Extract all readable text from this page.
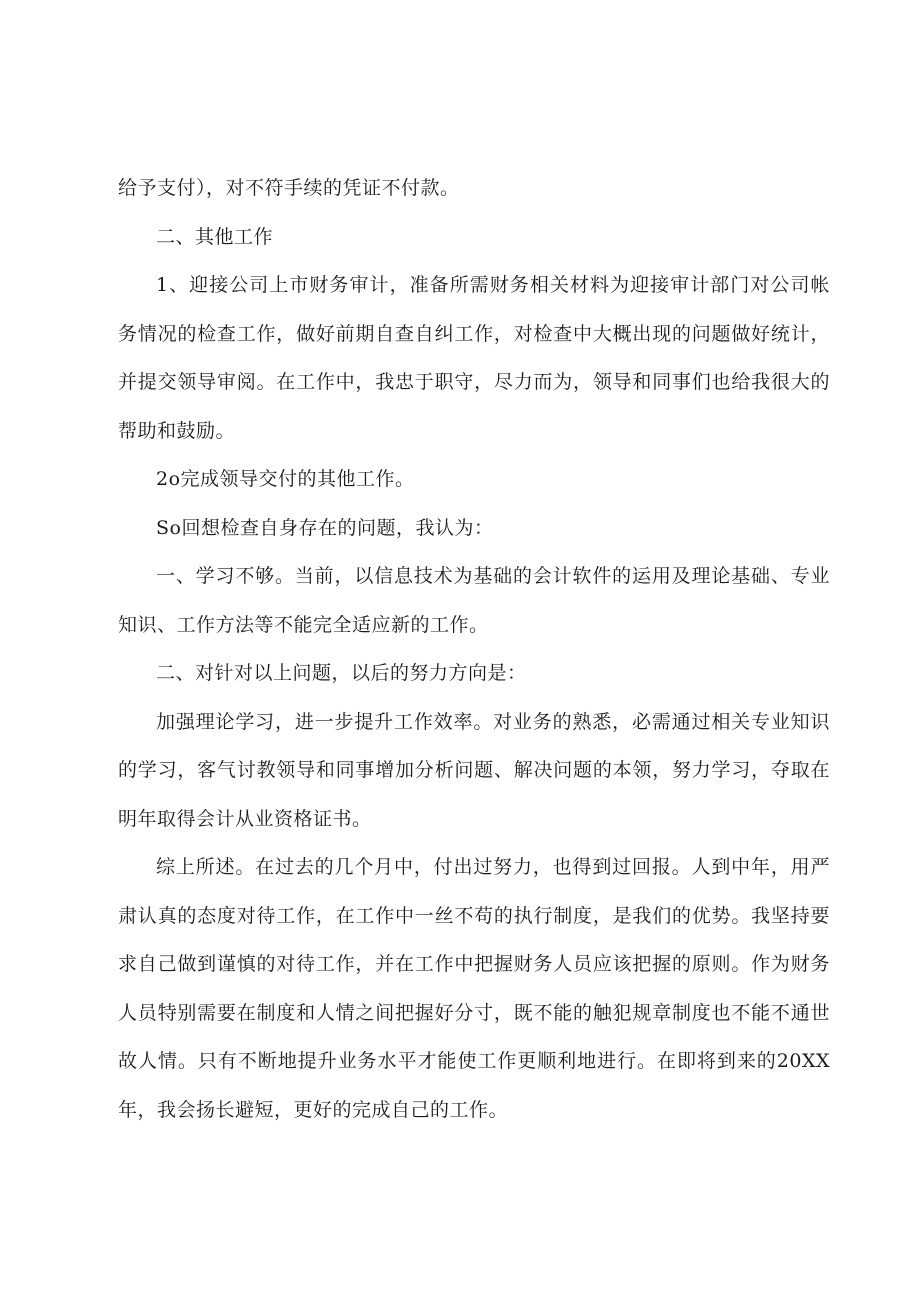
给予支付），对不符手续的凭证不付款。

二、其他工作

1、迎接公司上市财务审计，准备所需财务相关材料为迎接审计部门对公司帐务情况的检查工作，做好前期自查自纠工作，对检查中大概出现的问题做好统计，并提交领导审阅。在工作中，我忠于职守，尽力而为，领导和同事们也给我很大的帮助和鼓励。

2o完成领导交付的其他工作。

So回想检查自身存在的问题，我认为：

一、学习不够。当前，以信息技术为基础的会计软件的运用及理论基础、专业知识、工作方法等不能完全适应新的工作。

二、对针对以上问题，以后的努力方向是：

加强理论学习，进一步提升工作效率。对业务的熟悉，必需通过相关专业知识的学习，客气讨教领导和同事增加分析问题、解决问题的本领，努力学习，夺取在明年取得会计从业资格证书。

综上所述。在过去的几个月中，付出过努力，也得到过回报。人到中年，用严肃认真的态度对待工作，在工作中一丝不苟的执行制度，是我们的优势。我坚持要求自己做到谨慎的对待工作，并在工作中把握财务人员应该把握的原则。作为财务人员特别需要在制度和人情之间把握好分寸，既不能的触犯规章制度也不能不通世故人情。只有不断地提升业务水平才能使工作更顺利地进行。在即将到来的20XX年，我会扬长避短，更好的完成自己的工作。
